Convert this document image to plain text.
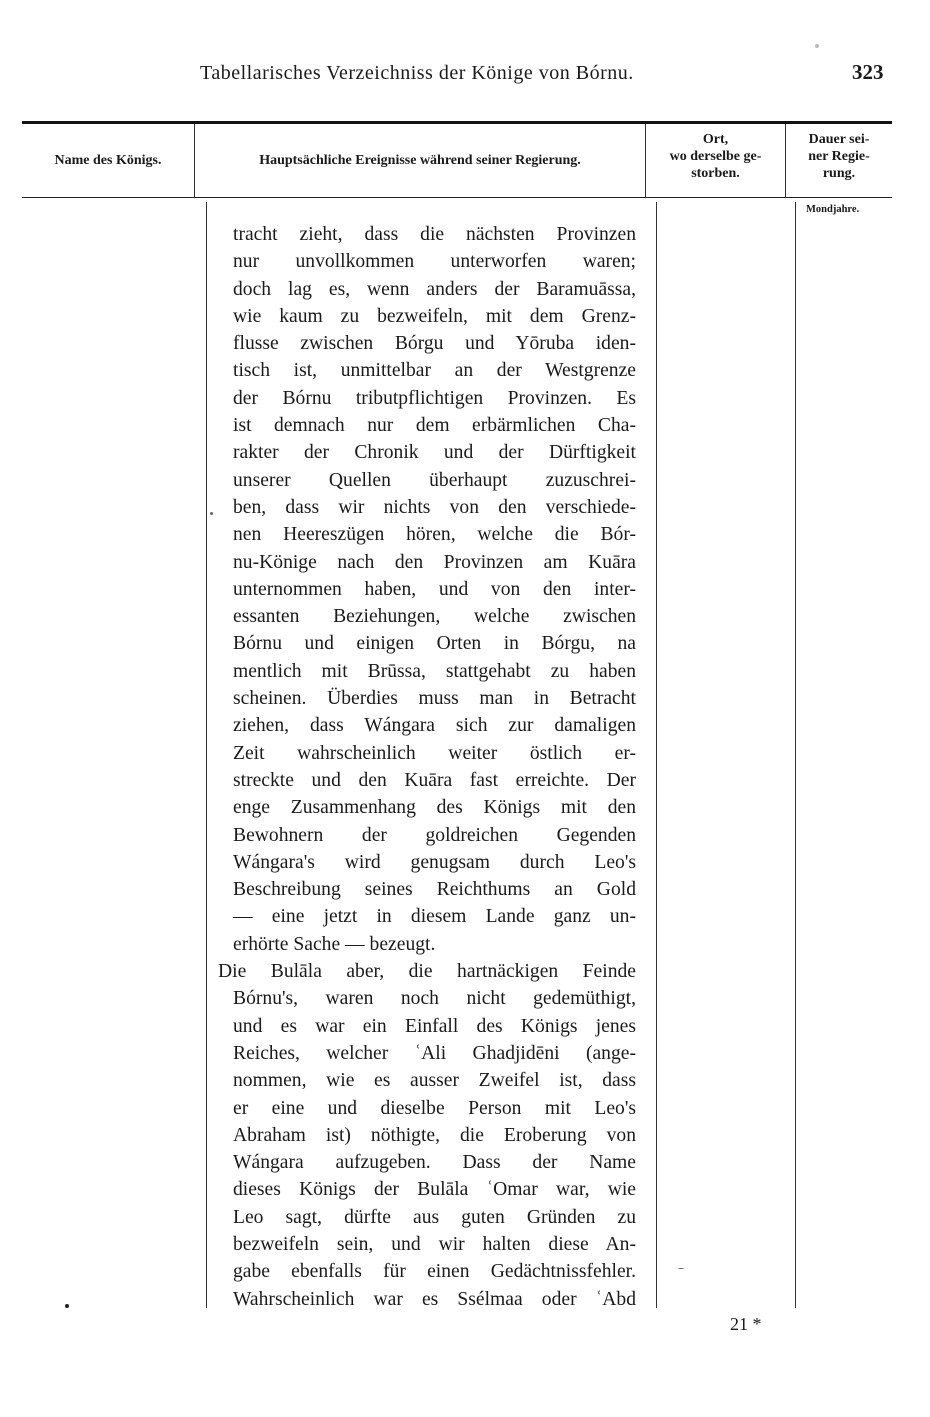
Tabellarisches Verzeichniss der Könige von Bórnu.	323
Name des Königs.	Hauptsächliche Ereignisse während seiner Regierung.
Ort,
wo derselbe ge-
storben.
Dauer sei-
ner Regie-
rung.
Mondjahre.
tracht zieht, dass die nächsten Provinzen
nur unvollkommen unterworfen waren;
doch lag es, wenn anders der Baramuāssa,
wie kaum zu bezweifeln, mit dem Grenz-
flusse zwischen Bórgu und Yōruba iden-
tisch ist, unmittelbar an der Westgrenze
der Bórnu tributpflichtigen Provinzen. Es
ist demnach nur dem erbärmlichen Cha-
rakter der Chronik und der Dürftigkeit
unserer Quellen überhaupt zuzuschrei-
ben, dass wir nichts von den verschiede-
nen Heereszügen hören, welche die Bór-
nu-Könige nach den Provinzen am Kuāra
unternommen haben, und von den inter-
essanten Beziehungen, welche zwischen
Bórnu und einigen Orten in Bórgu, na
mentlich mit Brūssa, stattgehabt zu haben
scheinen. Überdies muss man in Betracht
ziehen, dass Wángara sich zur damaligen
Zeit wahrscheinlich weiter östlich er-
streckte und den Kuāra fast erreichte. Der
enge Zusammenhang des Königs mit den
Bewohnern der goldreichen Gegenden
Wángara's wird genugsam durch Leo's
Beschreibung seines Reichthums an Gold
— eine jetzt in diesem Lande ganz un-
erhörte Sache — bezeugt.
Die Bulāla aber, die hartnäckigen Feinde
Bórnu's, waren noch nicht gedemüthigt,
und es war ein Einfall des Königs jenes
Reiches, welcher ʿAli Ghadjidēni (ange-
nommen, wie es ausser Zweifel ist, dass
er eine und dieselbe Person mit Leo's
Abraham ist) nöthigte, die Eroberung von
Wángara aufzugeben. Dass der Name
dieses Königs der Bulāla ʿOmar war, wie
Leo sagt, dürfte aus guten Gründen zu
bezweifeln sein, und wir halten diese An-
gabe ebenfalls für einen Gedächtnissfehler.
Wahrscheinlich war es Ssélmaa oder ʿAbd
21 *
